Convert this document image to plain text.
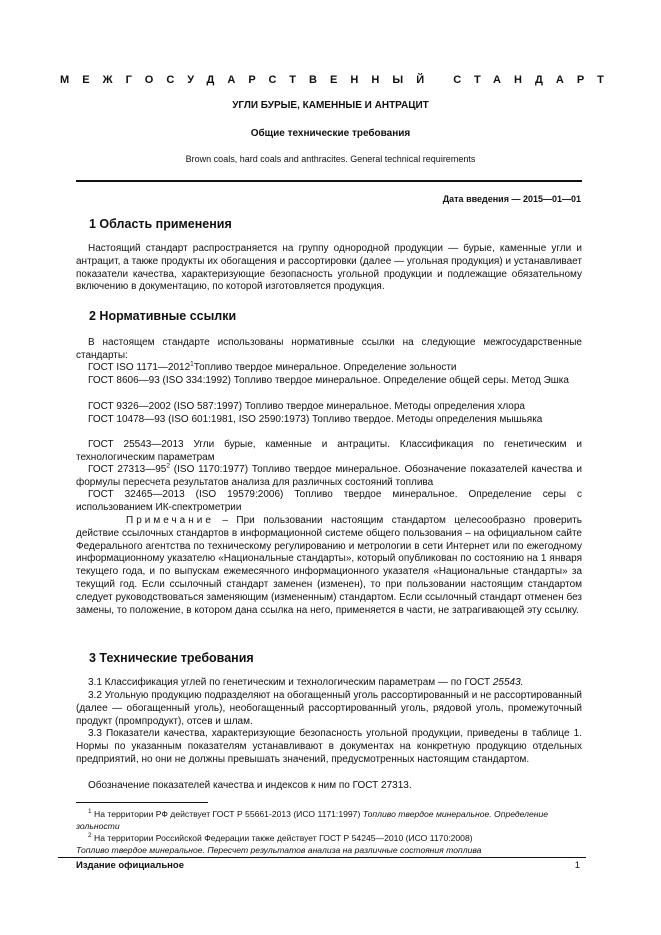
МЕЖГОСУДАРСТВЕННЫЙ СТАНДАРТ
УГЛИ БУРЫЕ, КАМЕННЫЕ И АНТРАЦИТ
Общие технические требования
Brown coals, hard coals and anthracites. General technical requirements
Дата введения — 2015—01—01
1 Область применения
Настоящий стандарт распространяется на группу однородной продукции — бурые, каменные угли и антрацит, а также продукты их обогащения и рассортировки (далее — угольная продукция) и устанавливает показатели качества, характеризующие безопасность угольной продукции и подлежащие обязательному включению в документацию, по которой изготовляется продукция.
2 Нормативные ссылки
В настоящем стандарте использованы нормативные ссылки на следующие межгосударственные стандарты:
ГОСТ ISO 1171—2012$^1$Топливо твердое минеральное. Определение зольности
ГОСТ 8606—93 (ISO 334:1992) Топливо твердое минеральное. Определение общей серы. Метод Эшка
ГОСТ 9326—2002 (ISO 587:1997) Топливо твердое минеральное. Методы определения хлора
ГОСТ 10478—93 (ISO 601:1981, ISO 2590:1973) Топливо твердое. Методы определения мышьяка
ГОСТ 25543—2013 Угли бурые, каменные и антрациты. Классификация по генетическим и технологическим параметрам
ГОСТ $27313—95^2$ (ISO 1170:1977) Топливо твердое минеральное. Обозначение показателей качества и формулы пересчета результатов анализа для различных состояний топлива
ГОСТ 32465—2013 (ISO 19579:2006) Топливо твердое минеральное. Определение серы с использованием ИК-спектрометрии
Примечание – При пользовании настоящим стандартом целесообразно проверить действие ссылочных стандартов в информационной системе общего пользования – на официальном сайте Федерального агентства по техническому регулированию и метрологии в сети Интернет или по ежегодному информационному указателю «Национальные стандарты», который опубликован по состоянию на 1 января текущего года, и по выпускам ежемесячного информационного указателя «Национальные стандарты» за текущий год. Если ссылочный стандарт заменен (изменен), то при пользовании настоящим стандартом следует руководствоваться заменяющим (измененным) стандартом. Если ссылочный стандарт отменен без замены, то положение, в котором дана ссылка на него, применяется в части, не затрагивающей эту ссылку.
3 Технические требования
3.1 Классификация углей по генетическим и технологическим параметрам — по ГОСТ 25543.
3.2 Угольную продукцию подразделяют на обогащенный уголь рассортированный и не рассортированный (далее — обогащенный уголь), необогащенный рассортированный уголь, рядовой уголь, промежуточный продукт (промпродукт), отсев и шлам.
3.3 Показатели качества, характеризующие безопасность угольной продукции, приведены в таблице 1. Нормы по указанным показателям устанавливают в документах на конкретную продукцию отдельных предприятий, но они не должны превышать значений, предусмотренных настоящим стандартом.
Обозначение показателей качества и индексов к ним по ГОСТ 27313.
$^1$ На территории РФ действует ГОСТ Р 55661-2013 (ИСО 1171:1997) Топливо твердое минеральное. Определение зольности
$^2$ На территории Российской Федерации также действует ГОСТ Р 54245—2010 (ИСО 1170:2008)
Топливо твердое минеральное. Пересчет результатов анализа на различные состояния топлива
Издание официальное	1
